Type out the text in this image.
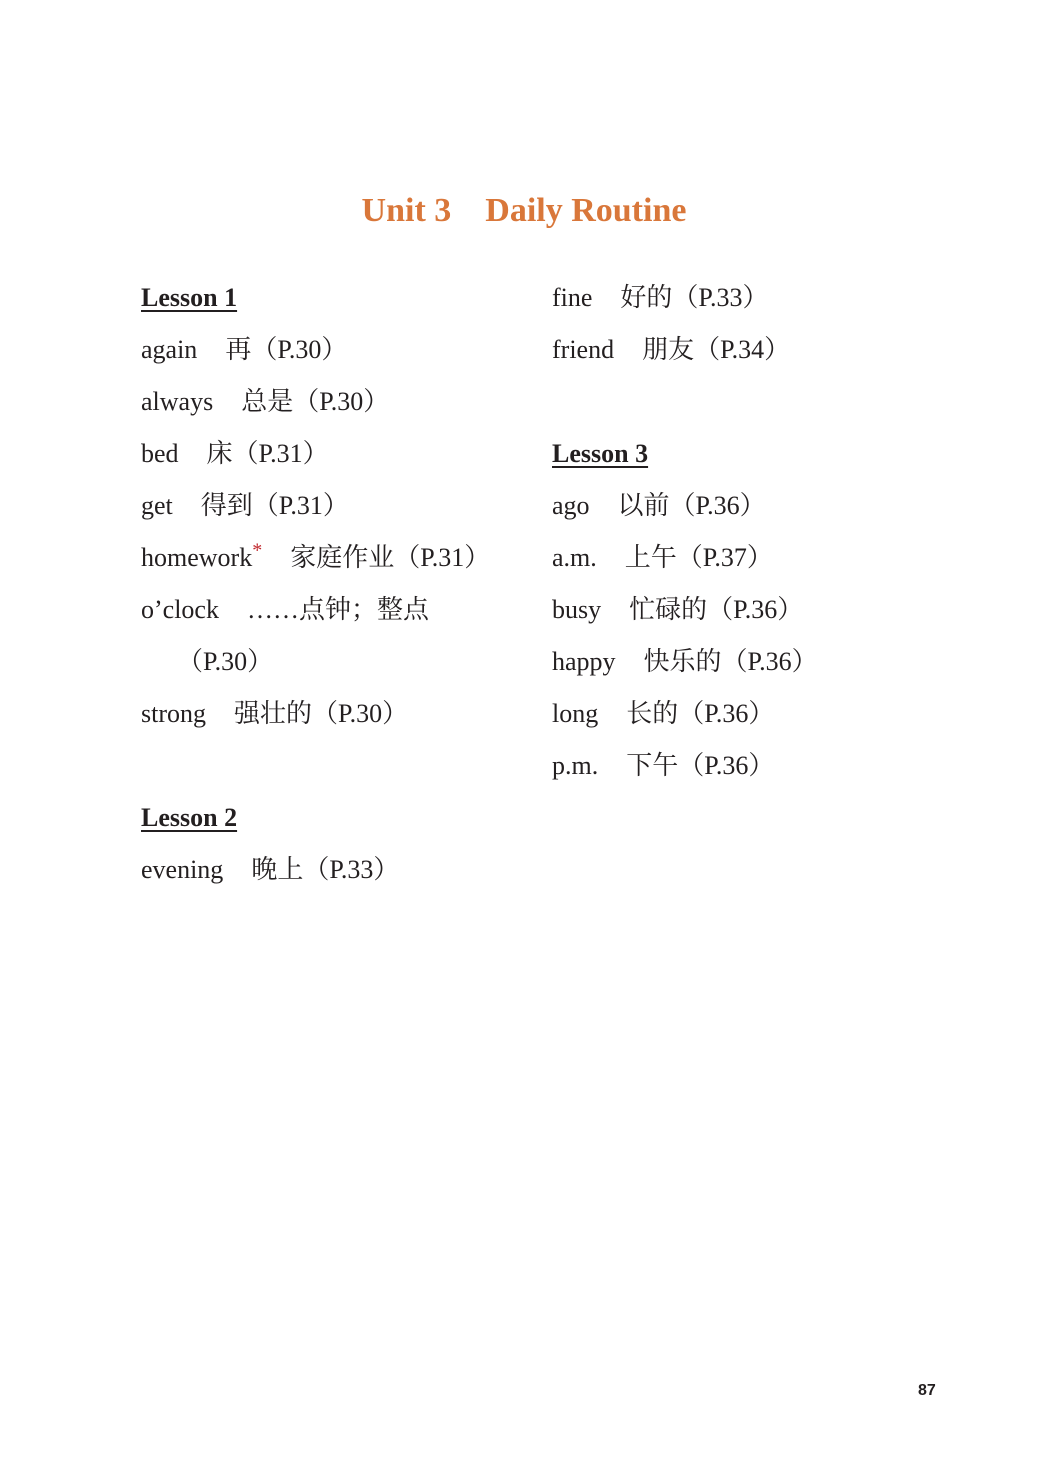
Unit 3    Daily Routine
Lesson 1
again 再（P.30）
always 总是（P.30）
bed 床（P.31）
get 得到（P.31）
homework* 家庭作业（P.31）
o’clock ……点钟；整点
（P.30）
strong 强壮的（P.30）
Lesson 2
evening 晚上（P.33）
fine 好的（P.33）
friend 朋友（P.34）
Lesson 3
ago 以前（P.36）
a.m. 上午（P.37）
busy 忙碌的（P.36）
happy 快乐的（P.36）
long 长的（P.36）
p.m. 下午（P.36）
87
